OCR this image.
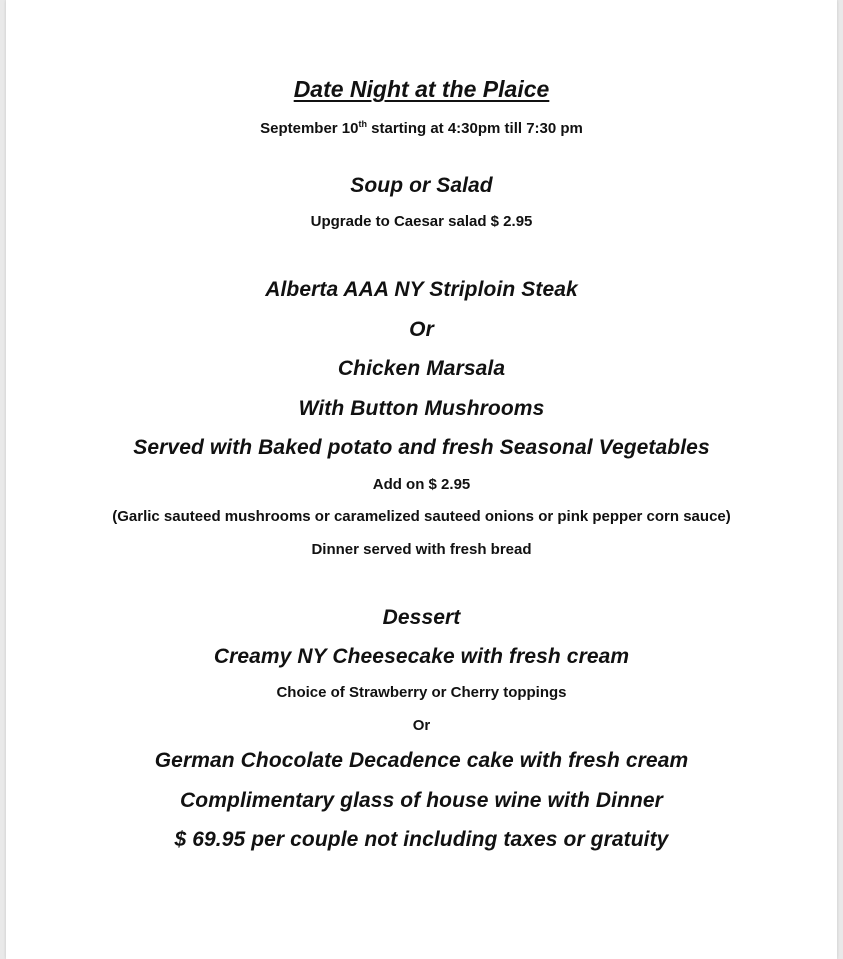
Date Night at the Plaice

September 10th starting at 4:30pm till 7:30 pm

Soup or Salad

Upgrade to Caesar salad $ 2.95

Alberta AAA NY Striploin Steak

Or

Chicken Marsala

With Button Mushrooms

Served with Baked potato and fresh Seasonal Vegetables

Add on $ 2.95

(Garlic sauteed mushrooms or caramelized sauteed onions or pink pepper corn sauce)

Dinner served with fresh bread

Dessert

Creamy NY Cheesecake with fresh cream

Choice of Strawberry or Cherry toppings

Or

German Chocolate Decadence cake with fresh cream

Complimentary glass of house wine with Dinner

$ 69.95 per couple not including taxes or gratuity
